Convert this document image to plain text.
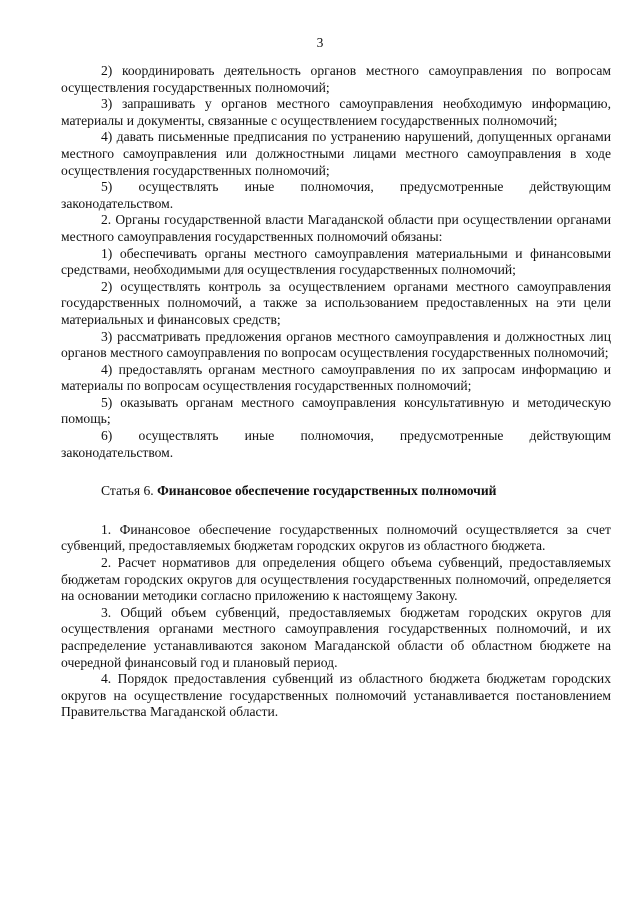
3

2) координировать деятельность органов местного самоуправления по вопросам осуществления государственных полномочий;

3) запрашивать у органов местного самоуправления необходимую информацию, материалы и документы, связанные с осуществлением государственных полномочий;

4) давать письменные предписания по устранению нарушений, допущенных органами местного самоуправления или должностными лицами местного самоуправления в ходе осуществления государственных полномочий;

5) осуществлять иные полномочия, предусмотренные действующим законодательством.

2. Органы государственной власти Магаданской области при осуществлении органами местного самоуправления государственных полномочий обязаны:

1) обеспечивать органы местного самоуправления материальными и финансовыми средствами, необходимыми для осуществления государственных полномочий;

2) осуществлять контроль за осуществлением органами местного самоуправления государственных полномочий, а также за использованием предоставленных на эти цели материальных и финансовых средств;

3) рассматривать предложения органов местного самоуправления и должностных лиц органов местного самоуправления по вопросам осуществления государственных полномочий;

4) предоставлять органам местного самоуправления по их запросам информацию и материалы по вопросам осуществления государственных полномочий;

5) оказывать органам местного самоуправления консультативную и методическую помощь;

6) осуществлять иные полномочия, предусмотренные действующим законодательством.

Статья 6. Финансовое обеспечение государственных полномочий

1. Финансовое обеспечение государственных полномочий осуществляется за счет субвенций, предоставляемых бюджетам городских округов из областного бюджета.

2. Расчет нормативов для определения общего объема субвенций, предоставляемых бюджетам городских округов для осуществления государственных полномочий, определяется на основании методики согласно приложению к настоящему Закону.

3. Общий объем субвенций, предоставляемых бюджетам городских округов для осуществления органами местного самоуправления государственных полномочий, и их распределение устанавливаются законом Магаданской области об областном бюджете на очередной финансовый год и плановый период.

4. Порядок предоставления субвенций из областного бюджета бюджетам городских округов на осуществление государственных полномочий устанавливается постановлением Правительства Магаданской области.
